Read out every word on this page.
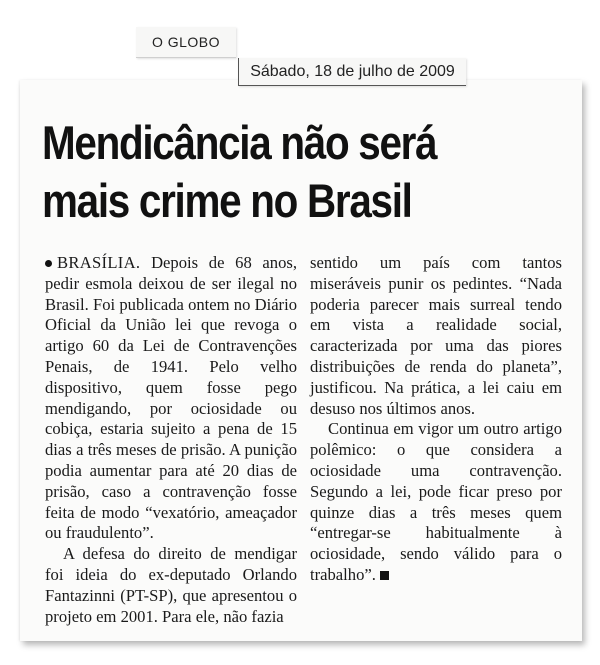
O GLOBO
Sábado, 18 de julho de 2009
Mendicância não será mais crime no Brasil

BRASÍLIA. Depois de 68 anos, pedir esmola deixou de ser ilegal no Brasil. Foi publicada ontem no Diário Oficial da União lei que revoga o artigo 60 da Lei de Contravenções Penais, de 1941. Pelo velho dispositivo, quem fosse pego mendigando, por ociosidade ou cobiça, estaria sujeito a pena de 15 dias a três meses de prisão. A punição podia aumentar para até 20 dias de prisão, caso a contravenção fosse feita de modo “vexatório, ameaçador ou fraudulento”.

A defesa do direito de mendigar foi ideia do ex-deputado Orlando Fantazinni (PT-SP), que apresentou o projeto em 2001. Para ele, não fazia

sentido um país com tantos miseráveis punir os pedintes. “Nada poderia parecer mais surreal tendo em vista a realidade social, caracterizada por uma das piores distribuições de renda do planeta”, justificou. Na prática, a lei caiu em desuso nos últimos anos.

Continua em vigor um outro artigo polêmico: o que considera a ociosidade uma contravenção. Segundo a lei, pode ficar preso por quinze dias a três meses quem “entregar-se habitualmente à ociosidade, sendo válido para o trabalho”.
